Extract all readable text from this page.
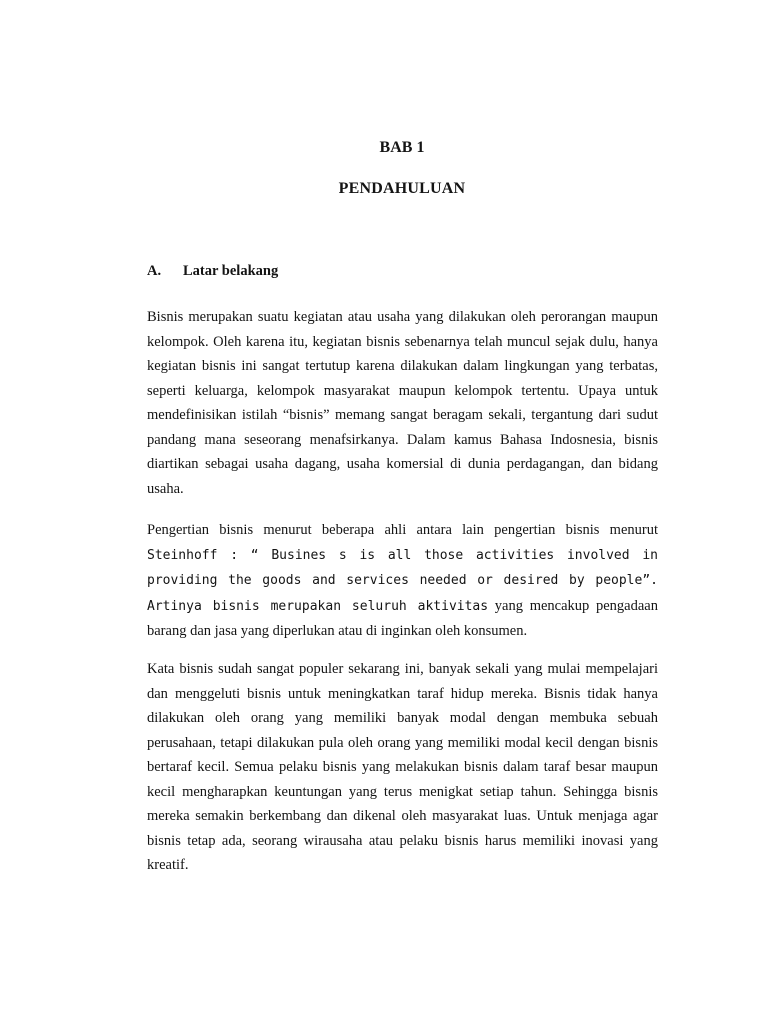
BAB 1
PENDAHULUAN
A. Latar belakang

Bisnis merupakan suatu kegiatan atau usaha yang dilakukan oleh perorangan maupun kelompok. Oleh karena itu, kegiatan bisnis sebenarnya telah muncul sejak dulu, hanya kegiatan bisnis ini sangat tertutup karena dilakukan dalam lingkungan yang terbatas, seperti keluarga, kelompok masyarakat maupun kelompok tertentu. Upaya untuk mendefinisikan istilah “bisnis” memang sangat beragam sekali, tergantung dari sudut pandang mana seseorang menafsirkanya. Dalam kamus Bahasa Indosnesia, bisnis diartikan sebagai usaha dagang, usaha komersial di dunia perdagangan, dan bidang usaha.

Pengertian bisnis menurut beberapa ahli antara lain pengertian bisnis menurut Steinhoff : “ Busines s is all those activities involved in providing the goods and services needed or desired by people”. Artinya bisnis merupakan seluruh aktivitas yang mencakup pengadaan barang dan jasa yang diperlukan atau di inginkan oleh konsumen.

Kata bisnis sudah sangat populer sekarang ini, banyak sekali yang mulai mempelajari dan menggeluti bisnis untuk meningkatkan taraf hidup mereka. Bisnis tidak hanya dilakukan oleh orang yang memiliki banyak modal dengan membuka sebuah perusahaan, tetapi dilakukan pula oleh orang yang memiliki modal kecil dengan bisnis bertaraf kecil. Semua pelaku bisnis yang melakukan bisnis dalam taraf besar maupun kecil mengharapkan keuntungan yang terus menigkat setiap tahun. Sehingga bisnis mereka semakin berkembang dan dikenal oleh masyarakat luas. Untuk menjaga agar bisnis tetap ada, seorang wirausaha atau pelaku bisnis harus memiliki inovasi yang kreatif.
